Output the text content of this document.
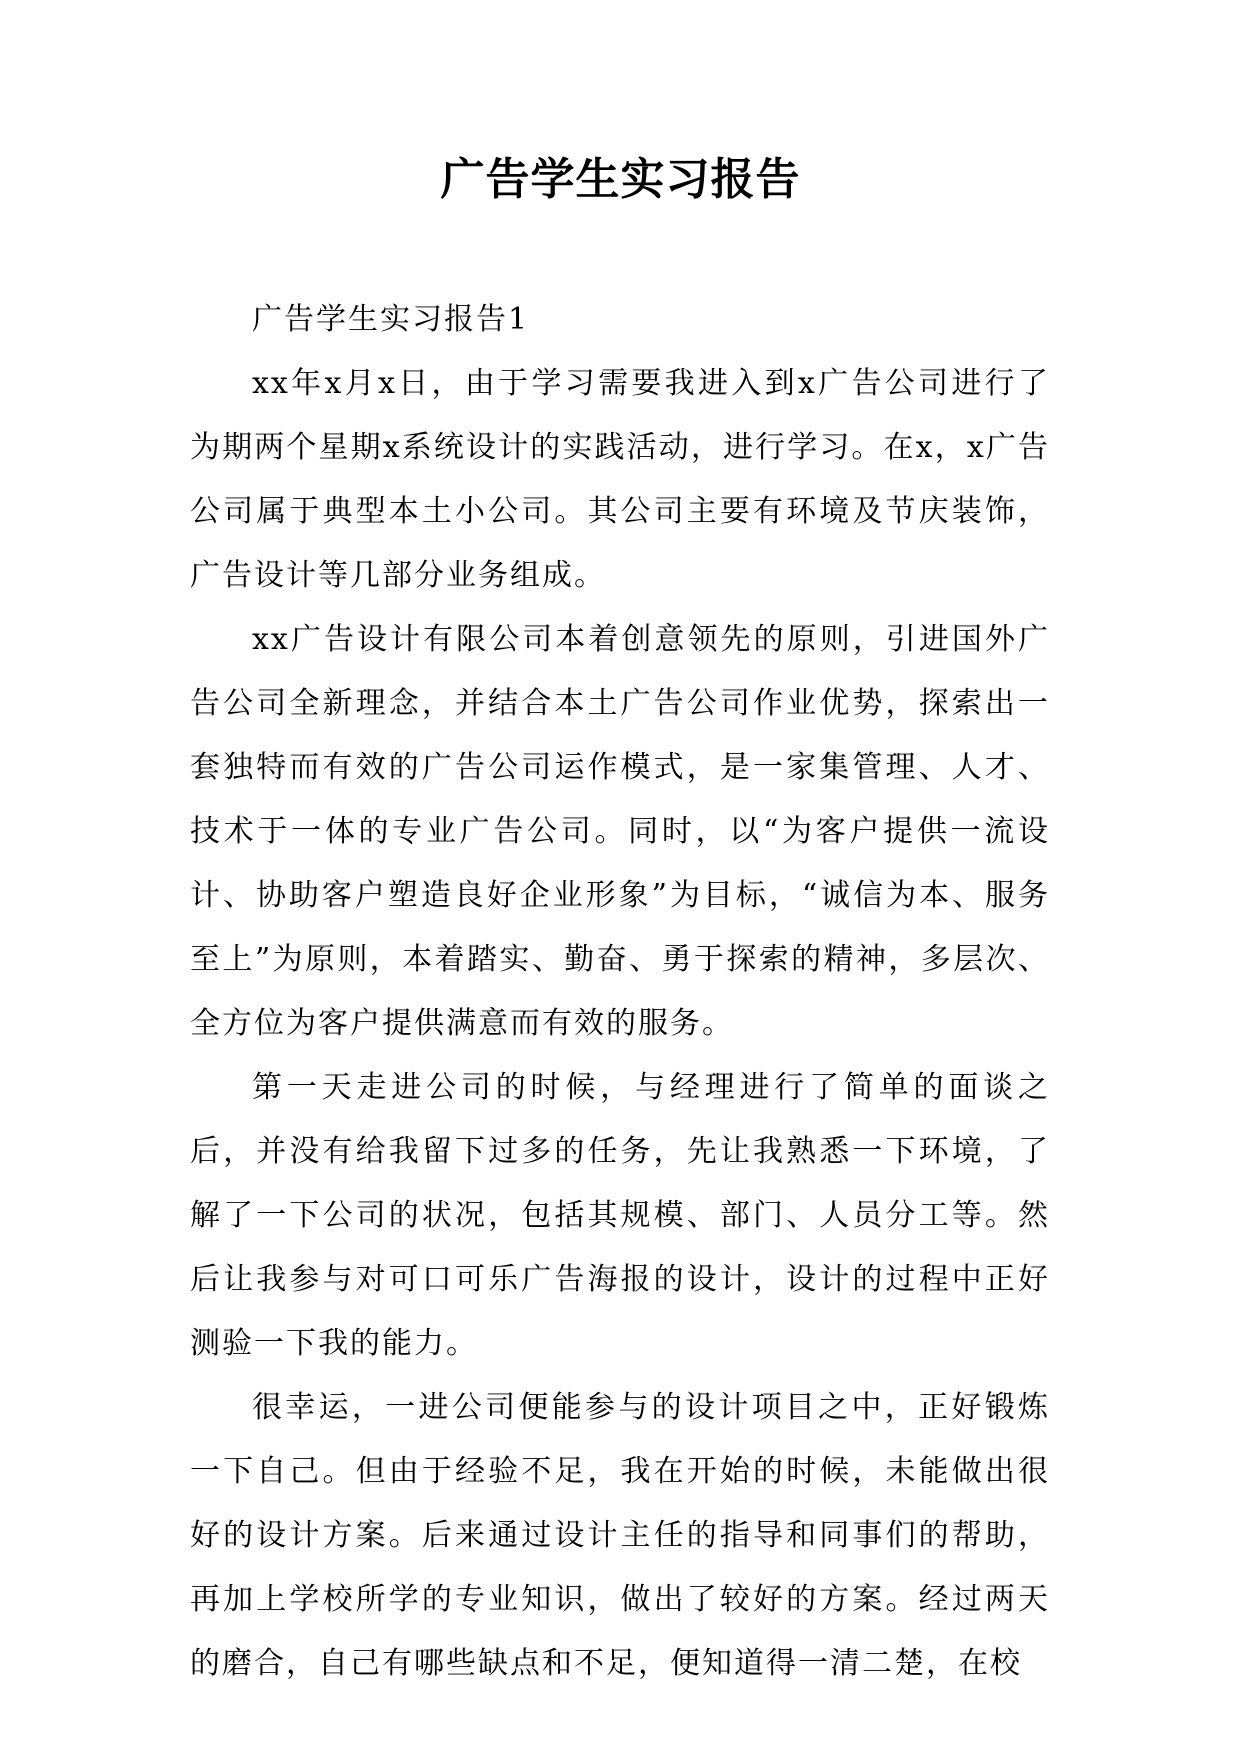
广告学生实习报告

广告学生实习报告1

xx年x月x日，由于学习需要我进入到x广告公司进行了为期两个星期x系统设计的实践活动，进行学习。在x，x广告公司属于典型本土小公司。其公司主要有环境及节庆装饰，广告设计等几部分业务组成。

xx广告设计有限公司本着创意领先的原则，引进国外广告公司全新理念，并结合本土广告公司作业优势，探索出一套独特而有效的广告公司运作模式，是一家集管理、人才、技术于一体的专业广告公司。同时，以“为客户提供一流设计、协助客户塑造良好企业形象”为目标，“诚信为本、服务至上”为原则，本着踏实、勤奋、勇于探索的精神，多层次、全方位为客户提供满意而有效的服务。

第一天走进公司的时候，与经理进行了简单的面谈之后，并没有给我留下过多的任务，先让我熟悉一下环境，了解了一下公司的状况，包括其规模、部门、人员分工等。然后让我参与对可口可乐广告海报的设计，设计的过程中正好测验一下我的能力。

很幸运，一进公司便能参与的设计项目之中，正好锻炼一下自己。但由于经验不足，我在开始的时候，未能做出很好的设计方案。后来通过设计主任的指导和同事们的帮助，再加上学校所学的专业知识，做出了较好的方案。经过两天的磨合，自己有哪些缺点和不足，便知道得一清二楚，在校
